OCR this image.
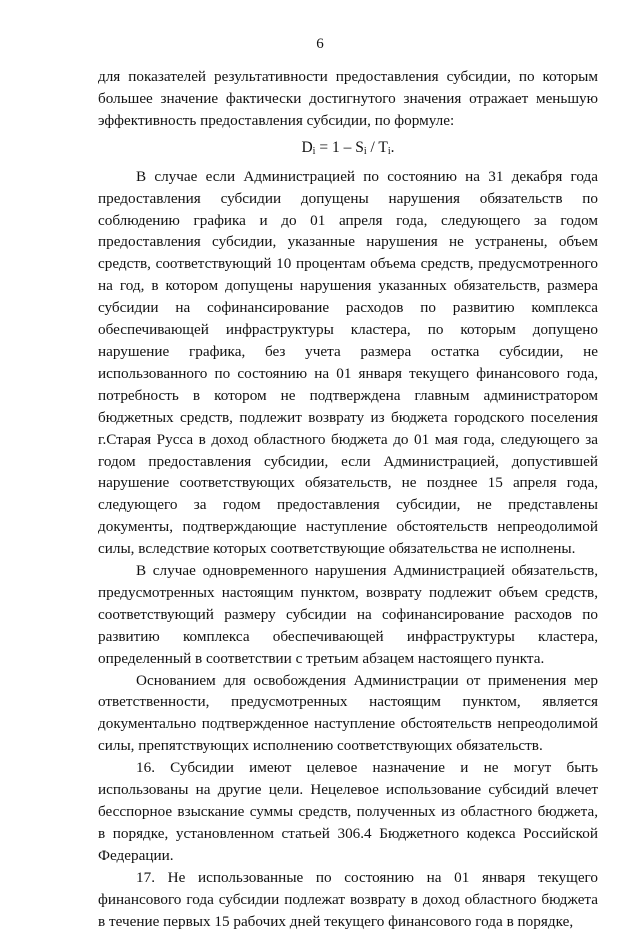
6

для показателей результативности предоставления субсидии, по которым большее значение фактически достигнутого значения отражает меньшую эффективность предоставления субсидии, по формуле:

$D_i = 1 - S_i / T_i$.

В случае если Администрацией по состоянию на 31 декабря года предоставления субсидии допущены нарушения обязательств по соблюдению графика и до 01 апреля года, следующего за годом предоставления субсидии, указанные нарушения не устранены, объем средств, соответствующий 10 процентам объема средств, предусмотренного на год, в котором допущены нарушения указанных обязательств, размера субсидии на софинансирование расходов по развитию комплекса обеспечивающей инфраструктуры кластера, по которым допущено нарушение графика, без учета размера остатка субсидии, не использованного по состоянию на 01 января текущего финансового года, потребность в котором не подтверждена главным администратором бюджетных средств, подлежит возврату из бюджета городского поселения г.Старая Русса в доход областного бюджета до 01 мая года, следующего за годом предоставления субсидии, если Администрацией, допустившей нарушение соответствующих обязательств, не позднее 15 апреля года, следующего за годом предоставления субсидии, не представлены документы, подтверждающие наступление обстоятельств непреодолимой силы, вследствие которых соответствующие обязательства не исполнены.

В случае одновременного нарушения Администрацией обязательств, предусмотренных настоящим пунктом, возврату подлежит объем средств, соответствующий размеру субсидии на софинансирование расходов по развитию комплекса обеспечивающей инфраструктуры кластера, определенный в соответствии с третьим абзацем настоящего пункта.

Основанием для освобождения Администрации от применения мер ответственности, предусмотренных настоящим пунктом, является документально подтвержденное наступление обстоятельств непреодолимой силы, препятствующих исполнению соответствующих обязательств.

16. Субсидии имеют целевое назначение и не могут быть использованы на другие цели. Нецелевое использование субсидий влечет бесспорное взыскание суммы средств, полученных из областного бюджета, в порядке, установленном статьей 306.4 Бюджетного кодекса Российской Федерации.

17. Не использованные по состоянию на 01 января текущего финансового года субсидии подлежат возврату в доход областного бюджета в течение первых 15 рабочих дней текущего финансового года в порядке,
